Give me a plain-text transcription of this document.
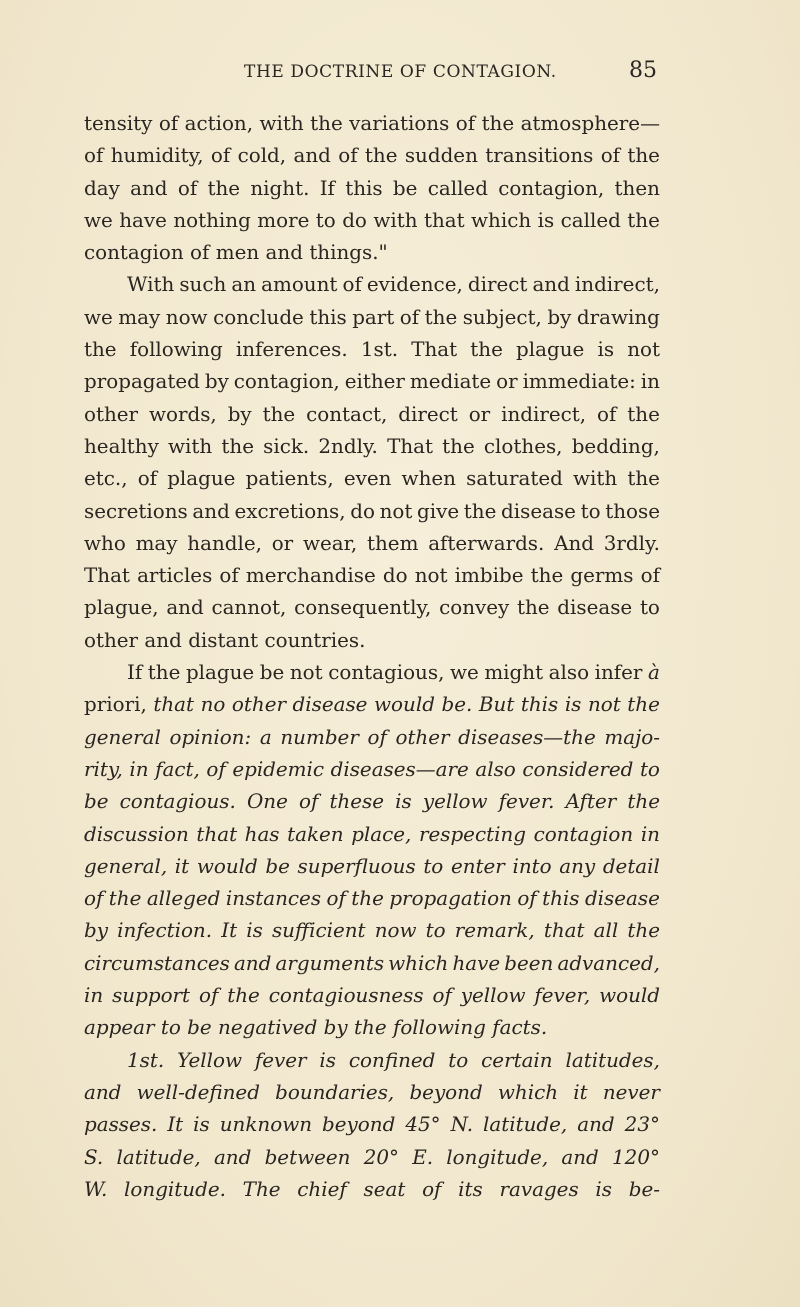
THE DOCTRINE OF CONTAGION.	85
tensity of action, with the variations of the atmosphere—
of humidity, of cold, and of the sudden transitions of the
day and of the night. If this be called contagion, then
we have nothing more to do with that which is called the
contagion of men and things."
With such an amount of evidence, direct and indirect,
we may now conclude this part of the subject, by drawing
the following inferences. 1st. That the plague is not
propagated by contagion, either mediate or immediate: in
other words, by the contact, direct or indirect, of the
healthy with the sick. 2ndly. That the clothes, bedding,
etc., of plague patients, even when saturated with the
secretions and excretions, do not give the disease to those
who may handle, or wear, them afterwards. And 3rdly.
That articles of merchandise do not imbibe the germs of
plague, and cannot, consequently, convey the disease to
other and distant countries.
If the plague be not contagious, we might also infer à
priori, that no other disease would be. But this is not the
general opinion: a number of other diseases—the majo-
rity, in fact, of epidemic diseases—are also considered to
be contagious. One of these is yellow fever. After the
discussion that has taken place, respecting contagion in
general, it would be superfluous to enter into any detail
of the alleged instances of the propagation of this disease
by infection. It is sufficient now to remark, that all the
circumstances and arguments which have been advanced,
in support of the contagiousness of yellow fever, would
appear to be negatived by the following facts.
1st. Yellow fever is confined to certain latitudes,
and well-defined boundaries, beyond which it never
passes. It is unknown beyond 45° N. latitude, and 23°
S. latitude, and between 20° E. longitude, and 120°
W. longitude. The chief seat of its ravages is be-
